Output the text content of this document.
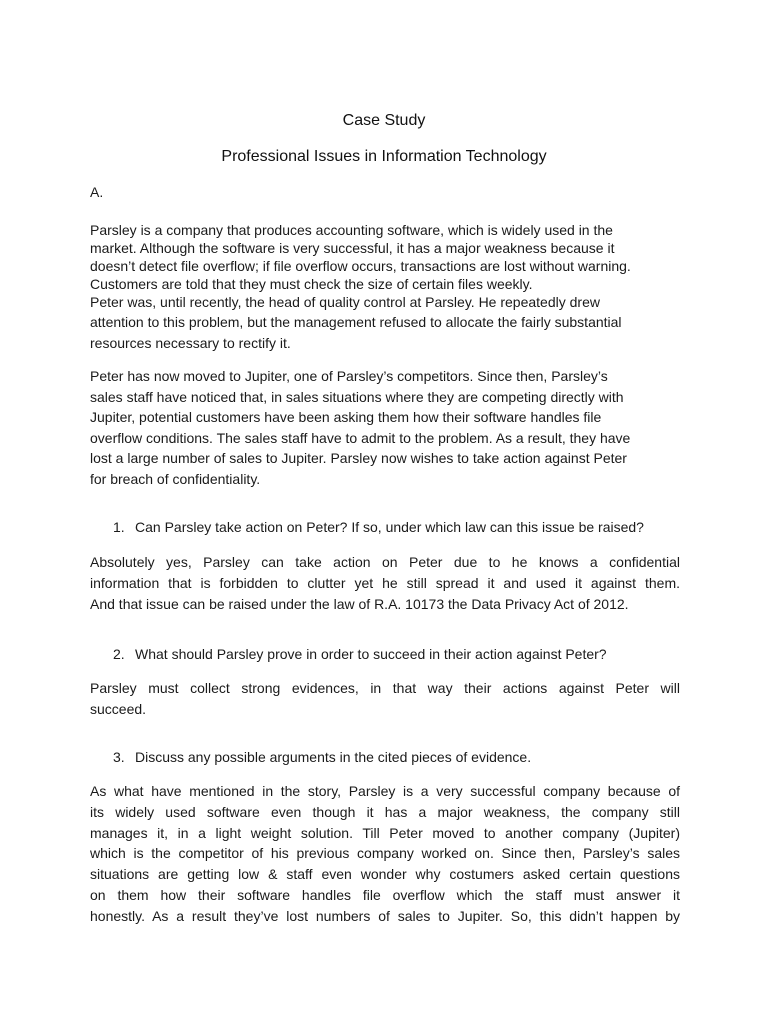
Case Study
Professional Issues in Information Technology
A.

Parsley is a company that produces accounting software, which is widely used in the
market. Although the software is very successful, it has a major weakness because it
doesn’t detect file overflow; if file overflow occurs, transactions are lost without warning.
Customers are told that they must check the size of certain files weekly.

Peter was, until recently, the head of quality control at Parsley. He repeatedly drew
attention to this problem, but the management refused to allocate the fairly substantial
resources necessary to rectify it.

Peter has now moved to Jupiter, one of Parsley’s competitors. Since then, Parsley’s
sales staff have noticed that, in sales situations where they are competing directly with
Jupiter, potential customers have been asking them how their software handles file
overflow conditions. The sales staff have to admit to the problem. As a result, they have
lost a large number of sales to Jupiter. Parsley now wishes to take action against Peter
for breach of confidentiality.

1. Can Parsley take action on Peter? If so, under which law can this issue be raised?

Absolutely yes, Parsley can take action on Peter due to he knows a confidential
information that is forbidden to clutter yet he still spread it and used it against them.
And that issue can be raised under the law of R.A. 10173 the Data Privacy Act of 2012.

2. What should Parsley prove in order to succeed in their action against Peter?

Parsley must collect strong evidences, in that way their actions against Peter will
succeed.

3. Discuss any possible arguments in the cited pieces of evidence.

As what have mentioned in the story, Parsley is a very successful company because of
its widely used software even though it has a major weakness, the company still
manages it, in a light weight solution. Till Peter moved to another company (Jupiter)
which is the competitor of his previous company worked on. Since then, Parsley’s sales
situations are getting low & staff even wonder why costumers asked certain questions
on them how their software handles file overflow which the staff must answer it
honestly. As a result they’ve lost numbers of sales to Jupiter. So, this didn’t happen by
